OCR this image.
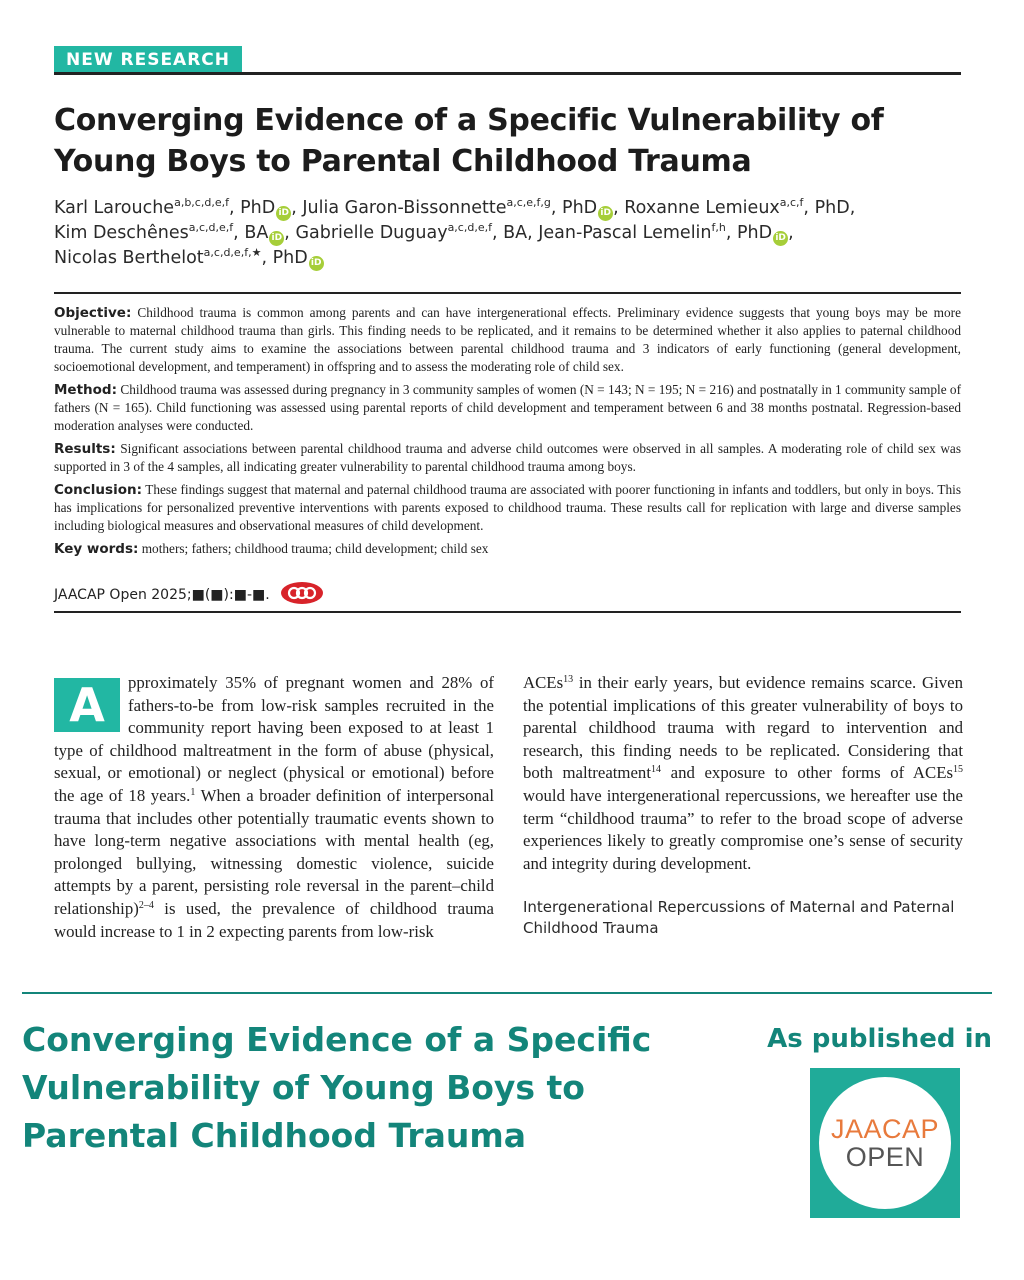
NEW RESEARCH
Converging Evidence of a Specific Vulnerability of Young Boys to Parental Childhood Trauma
Karl Larouche$^{a,b,c,d,e,f}$, PhD iD , Julia Garon-Bissonnette$^{a,c,e,f,g}$, PhD iD , Roxanne Lemieux$^{a,c,f}$, PhD,
Kim Deschênes$^{a,c,d,e,f}$, BA iD , Gabrielle Duguay$^{a,c,d,e,f}$, BA, Jean-Pascal Lemelin$^{f,h}$, PhD iD ,
Nicolas Berthelot$^{a,c,d,e,f,★}$, PhD iD

Objective: Childhood trauma is common among parents and can have intergenerational effects. Preliminary evidence suggests that young boys may be more vulnerable to maternal childhood trauma than girls. This finding needs to be replicated, and it remains to be determined whether it also applies to paternal childhood trauma. The current study aims to examine the associations between parental childhood trauma and 3 indicators of early functioning (general development, socioemotional development, and temperament) in offspring and to assess the moderating role of child sex.

Method: Childhood trauma was assessed during pregnancy in 3 community samples of women (N = 143; N = 195; N = 216) and postnatally in 1 community sample of fathers (N = 165). Child functioning was assessed using parental reports of child development and temperament between 6 and 38 months postnatal. Regression-based moderation analyses were conducted.

Results: Significant associations between parental childhood trauma and adverse child outcomes were observed in all samples. A moderating role of child sex was supported in 3 of the 4 samples, all indicating greater vulnerability to parental childhood trauma among boys.

Conclusion: These findings suggest that maternal and paternal childhood trauma are associated with poorer functioning in infants and toddlers, but only in boys. This has implications for personalized preventive interventions with parents exposed to childhood trauma. These results call for replication with large and diverse samples including biological measures and observational measures of child development.

Key words: mothers; fathers; childhood trauma; child development; child sex

JAACAP Open 2025;■(■):■-■.

A	pproximately 35% of pregnant women and 28% of fathers-to-be from low-risk samples recruited in the community report having been exposed to at least 1 type of childhood maltreatment in the form of abuse (physical, sexual, or emotional) or neglect (physical or emotional) before the age of 18 years.$^1$ When a broader definition of interpersonal trauma that includes other potentially traumatic events shown to have long-term negative associations with mental health (eg, prolonged bullying, witnessing domestic violence, suicide attempts by a parent, persisting role reversal in the parent–child relationship)$^{2-4}$ is used, the prevalence of childhood trauma would increase to 1 in 2 expecting parents from low-risk

ACEs$^{13}$ in their early years, but evidence remains scarce. Given the potential implications of this greater vulnerability of boys to parental childhood trauma with regard to intervention and research, this finding needs to be replicated. Considering that both maltreatment$^{14}$ and exposure to other forms of ACEs$^{15}$ would have intergenerational repercussions, we hereafter use the term “childhood trauma” to refer to the broad scope of adverse experiences likely to greatly compromise one’s sense of security and integrity during development.

Intergenerational Repercussions of Maternal and Paternal Childhood Trauma

Converging Evidence of a Specific Vulnerability of Young Boys to Parental Childhood Trauma
As published in
JAACAP
OPEN
